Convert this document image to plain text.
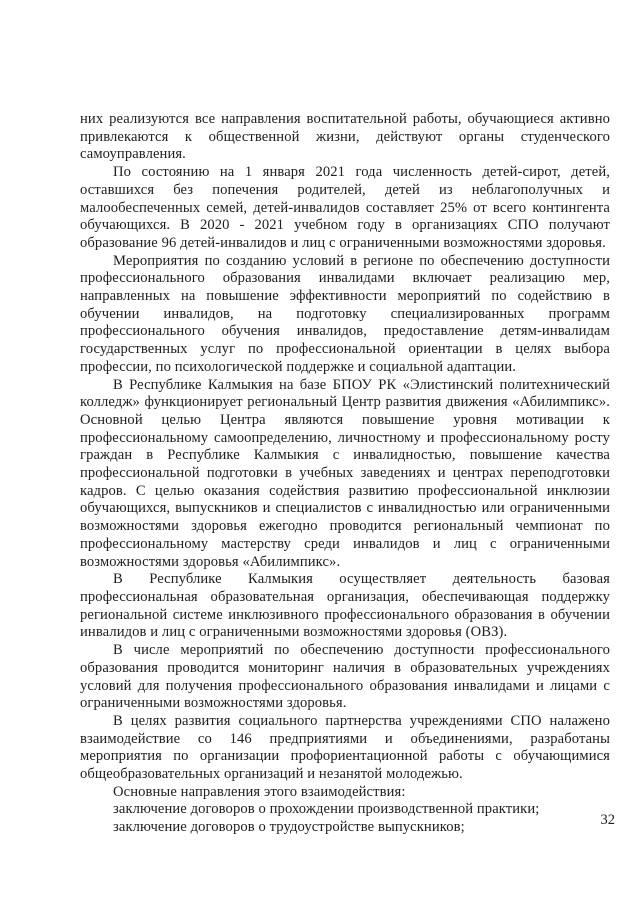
них реализуются все направления воспитательной работы, обучающиеся активно привлекаются к общественной жизни, действуют органы студенческого самоуправления.

По состоянию на 1 января 2021 года численность детей-сирот, детей, оставшихся без попечения родителей, детей из неблагополучных и малообеспеченных семей, детей-инвалидов составляет 25% от всего контингента обучающихся. В 2020 - 2021 учебном году в организациях СПО получают образование 96 детей-инвалидов и лиц с ограниченными возможностями здоровья.

Мероприятия по созданию условий в регионе по обеспечению доступности профессионального образования инвалидами включает реализацию мер, направленных на повышение эффективности мероприятий по содействию в обучении инвалидов, на подготовку специализированных программ профессионального обучения инвалидов, предоставление детям-инвалидам государственных услуг по профессиональной ориентации в целях выбора профессии, по психологической поддержке и социальной адаптации.

В Республике Калмыкия на базе БПОУ РК «Элистинский политехнический колледж» функционирует региональный Центр развития движения «Абилимпикс». Основной целью Центра являются повышение уровня мотивации к профессиональному самоопределению, личностному и профессиональному росту граждан в Республике Калмыкия с инвалидностью, повышение качества профессиональной подготовки в учебных заведениях и центрах переподготовки кадров. С целью оказания содействия развитию профессиональной инклюзии обучающихся, выпускников и специалистов с инвалидностью или ограниченными возможностями здоровья ежегодно проводится региональный чемпионат по профессиональному мастерству среди инвалидов и лиц с ограниченными возможностями здоровья «Абилимпикс».

В Республике Калмыкия осуществляет деятельность базовая профессиональная образовательная организация, обеспечивающая поддержку региональной системе инклюзивного профессионального образования в обучении инвалидов и лиц с ограниченными возможностями здоровья (ОВЗ).

В числе мероприятий по обеспечению доступности профессионального образования проводится мониторинг наличия в образовательных учреждениях условий для получения профессионального образования инвалидами и лицами с ограниченными возможностями здоровья.

В целях развития социального партнерства учреждениями СПО налажено взаимодействие со 146 предприятиями и объединениями, разработаны мероприятия по организации профориентационной работы с обучающимися общеобразовательных организаций и незанятой молодежью.

Основные направления этого взаимодействия:

заключение договоров о прохождении производственной практики;

заключение договоров о трудоустройстве выпускников;	32
